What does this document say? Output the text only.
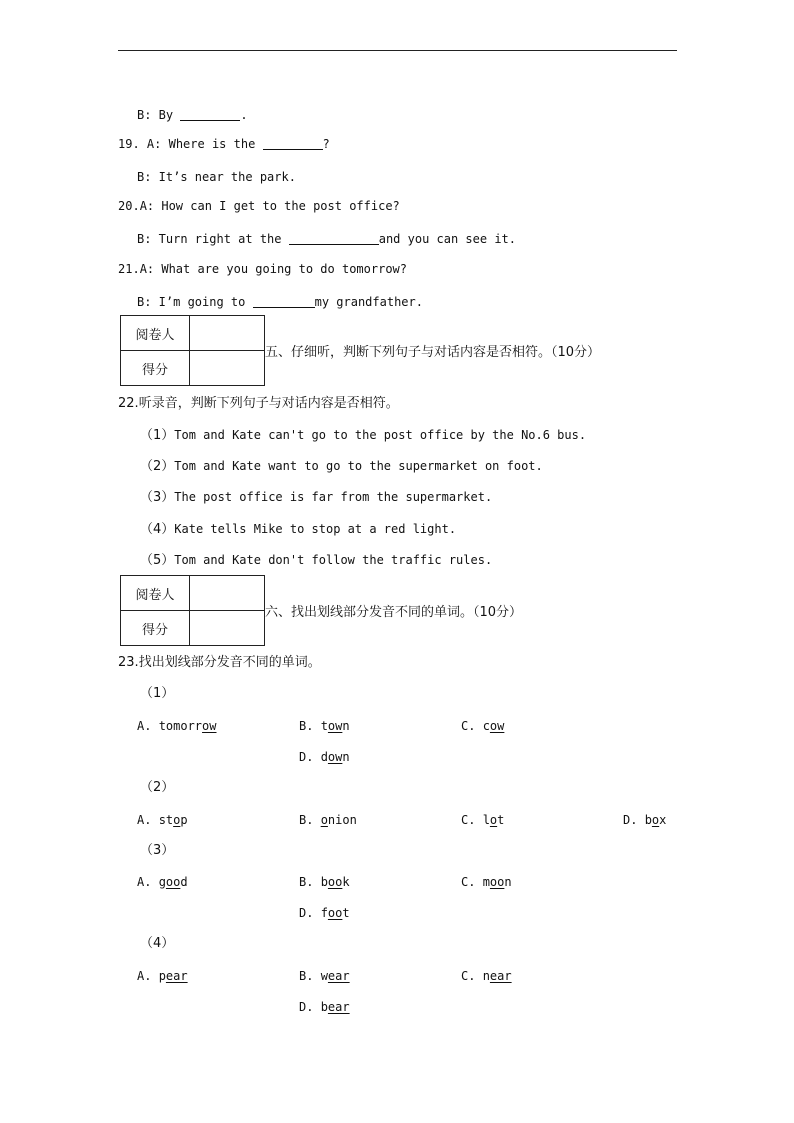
B: By	.
19. A: Where is the	?
B: It’s near the park.
20.A: How can I get to the post office?
B: Turn right at the	and you can see it.
21.A: What are you going to do tomorrow?
B: I’m going to	my grandfather.
阅卷人	
得分	
五、仔细听，判断下列句子与对话内容是否相符。（10分）
22.听录音，判断下列句子与对话内容是否相符。
（1）Tom and Kate can't go to the post office by the No.6 bus.
（2）Tom and Kate want to go to the supermarket on foot.
（3）The post office is far from the supermarket.
（4）Kate tells Mike to stop at a red light.
（5）Tom and Kate don't follow the traffic rules.
阅卷人	
得分	
六、找出划线部分发音不同的单词。（10分）
23.找出划线部分发音不同的单词。
（1）
A. tomorrow	B. town	C. cow
D. down
（2）
A. stop	B. onion	C. lot	D. box
（3）
A. good	B. book	C. moon
D. foot
（4）
A. pear	B. wear	C. near
D. bear
